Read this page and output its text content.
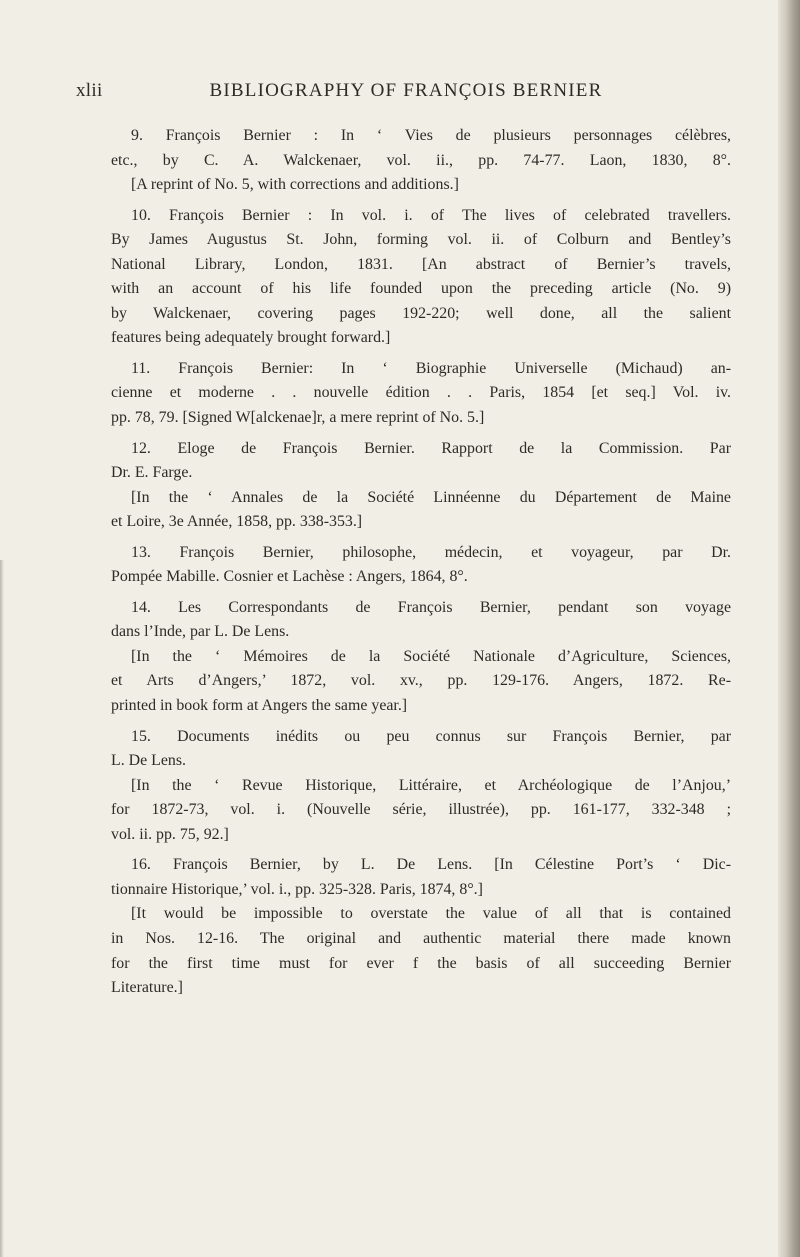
xlii	BIBLIOGRAPHY OF FRANÇOIS BERNIER
9. François Bernier : In ‘ Vies de plusieurs personnages célèbres,
etc., by C. A. Walckenaer, vol. ii., pp. 74-77. Laon, 1830, 8°.
[A reprint of No. 5, with corrections and additions.]
10. François Bernier : In vol. i. of The lives of celebrated travellers.
By James Augustus St. John, forming vol. ii. of Colburn and Bentley’s
National Library, London, 1831. [An abstract of Bernier’s travels,
with an account of his life founded upon the preceding article (No. 9)
by Walckenaer, covering pages 192-220; well done, all the salient
features being adequately brought forward.]
11. François Bernier: In ‘ Biographie Universelle (Michaud) an-
cienne et moderne . . nouvelle édition . . Paris, 1854 [et seq.] Vol. iv.
pp. 78, 79. [Signed W[alckenae]r, a mere reprint of No. 5.]
12. Eloge de François Bernier. Rapport de la Commission. Par
Dr. E. Farge.
[In the ‘ Annales de la Société Linnéenne du Département de Maine
et Loire, 3e Année, 1858, pp. 338-353.]
13. François Bernier, philosophe, médecin, et voyageur, par Dr.
Pompée Mabille. Cosnier et Lachèse : Angers, 1864, 8°.
14. Les Correspondants de François Bernier, pendant son voyage
dans l’Inde, par L. De Lens.
[In the ‘ Mémoires de la Société Nationale d’Agriculture, Sciences,
et Arts d’Angers,’ 1872, vol. xv., pp. 129-176. Angers, 1872. Re-
printed in book form at Angers the same year.]
15. Documents inédits ou peu connus sur François Bernier, par
L. De Lens.
[In the ‘ Revue Historique, Littéraire, et Archéologique de l’Anjou,’
for 1872-73, vol. i. (Nouvelle série, illustrée), pp. 161-177, 332-348 ;
vol. ii. pp. 75, 92.]
16. François Bernier, by L. De Lens. [In Célestine Port’s ‘ Dic-
tionnaire Historique,’ vol. i., pp. 325-328. Paris, 1874, 8°.]
[It would be impossible to overstate the value of all that is contained
in Nos. 12-16. The original and authentic material there made known
for the first time must for ever f the basis of all succeeding Bernier
Literature.]
